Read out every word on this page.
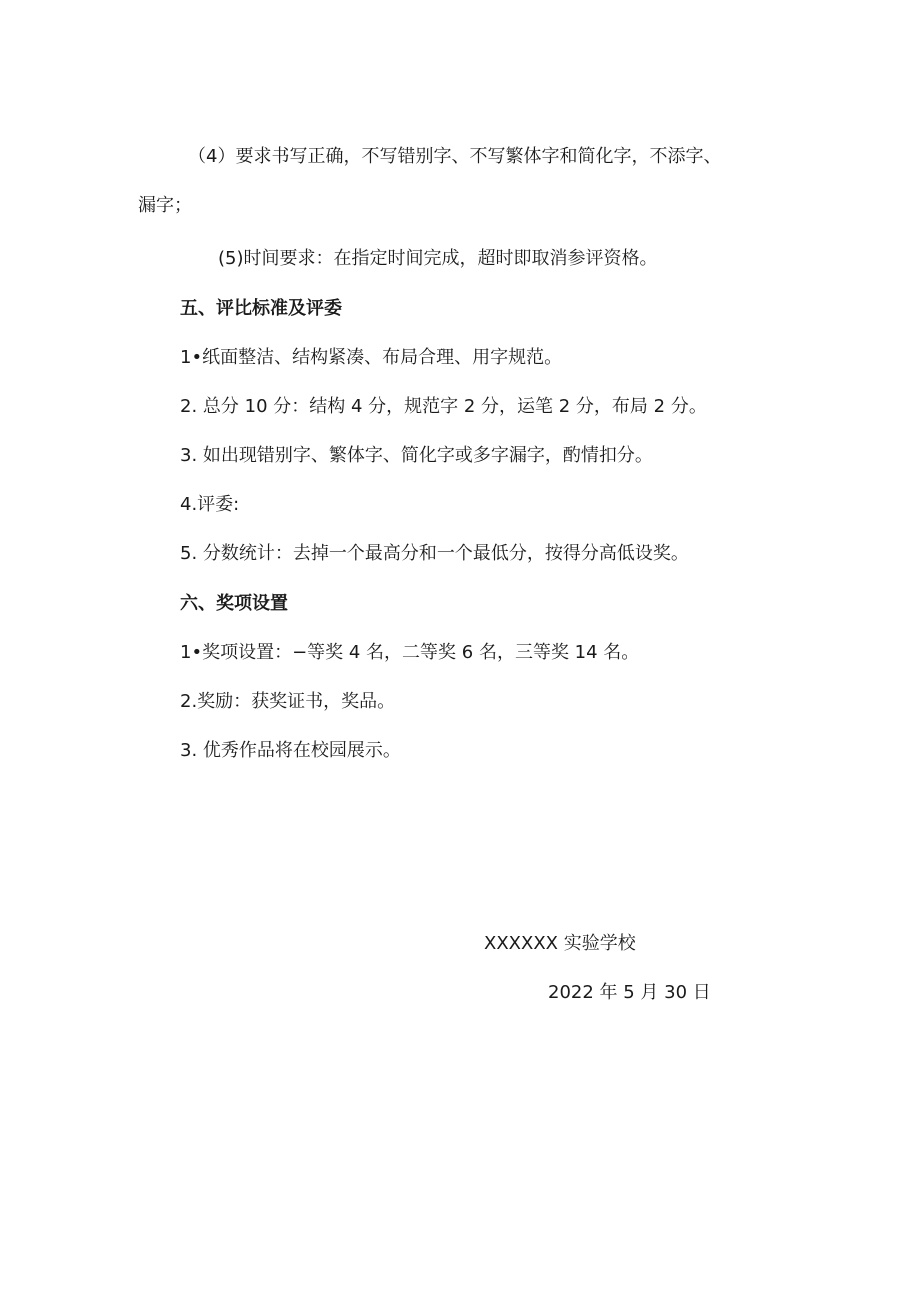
（4）要求书写正确，不写错别字、不写繁体字和简化字，不添字、
漏字；
(5)时间要求：在指定时间完成，超时即取消参评资格。
五、评比标准及评委
1•纸面整洁、结构紧凑、布局合理、用字规范。
2. 总分 10 分：结构 4 分，规范字 2 分，运笔 2 分，布局 2 分。
3. 如出现错别字、繁体字、简化字或多字漏字，酌情扣分。
4.评委:
5. 分数统计：去掉一个最高分和一个最低分，按得分高低设奖。
六、奖项设置
1•奖项设置：−等奖 4 名，二等奖 6 名，三等奖 14 名。
2.奖励：获奖证书，奖品。
3. 优秀作品将在校园展示。
XXXXXX 实验学校
2022 年 5 月 30 日
